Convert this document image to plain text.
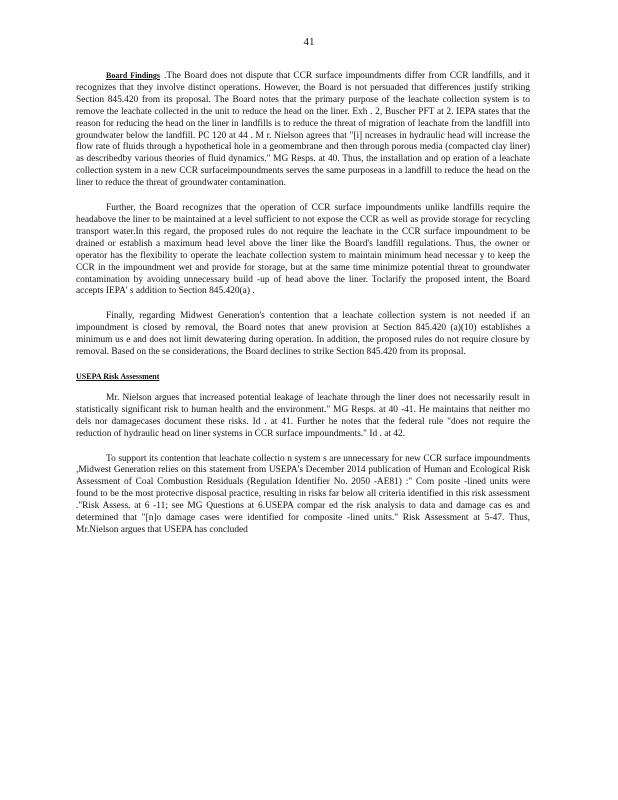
41

Board Findings .The Board does not dispute that CCR surface impoundments differ from CCR landfills, and it recognizes that they involve distinct operations. However, the Board is not persuaded that differences justify striking Section 845.420 from its proposal. The Board notes that the primary purpose of the leachate collection system is to remove the leachate collected in the unit to reduce the head on the liner. Exh . 2, Buscher PFT at 2. IEPA states that the reason for reducing the head on the liner in landfills is to reduce the threat of migration of leachate from the landfill into groundwater below the landfill. PC 120 at 44 . M r. Nielson agrees that "[i] ncreases in hydraulic head will increase the flow rate of fluids through a hypothetical hole in a geomembrane and then through porous media (compacted clay liner) as describedby various theories of fluid dynamics." MG Resps. at 40. Thus, the installation and op eration of a leachate collection system in a new CCR surfaceimpoundments serves the same purposeas in a landfill to reduce the head on the liner to reduce the threat of groundwater contamination.

Further, the Board recognizes that the operation of CCR surface impoundments unlike landfills require the headabove the liner to be maintained at a level sufficient to not expose the CCR as well as provide storage for recycling transport water.In this regard, the proposed rules do not require the leachate in the CCR surface impoundment to be drained or establish a maximum head level above the liner like the Board's landfill regulations. Thus, the owner or operator has the flexibility to operate the leachate collection system to maintain minimum head necessar y to keep the CCR in the impoundment wet and provide for storage, but at the same time minimize potential threat to groundwater contamination by avoiding unnecessary build -up of head above the liner. Toclarify the proposed intent, the Board accepts IEPA' s addition to Section 845.420(a) .

Finally, regarding Midwest Generation's contention that a leachate collection system is not needed if an impoundment is closed by removal, the Board notes that anew provision at Section 845.420 (a)(10) establishes a minimum us e and does not limit dewatering during operation. In addition, the proposed rules do not require closure by removal. Based on the se considerations, the Board declines to strike Section 845.420 from its proposal.

USEPA Risk Assessment

Mr. Nielson argues that increased potential leakage of leachate through the liner does not necessarily result in statistically significant risk to human health and the environment." MG Resps. at 40 -41. He maintains that neither mo dels nor damagecases document these risks. Id . at 41. Further he notes that the federal rule "does not require the reduction of hydraulic head on liner systems in CCR surface impoundments." Id . at 42.

To support its contention that leachate collectio n system s are unnecessary for new CCR surface impoundments ,Midwest Generation relies on this statement from USEPA's December 2014 publication of Human and Ecological Risk Assessment of Coal Combustion Residuals (Regulation Identifier No. 2050 -AE81) :" Com posite -lined units were found to be the most protective disposal practice, resulting in risks far below all criteria identified in this risk assessment ."Risk Assess. at 6 -11; see MG Questions at 6.USEPA compar ed the risk analysis to data and damage cas es and determined that "[n]o damage cases were identified for composite -lined units." Risk Assessment at 5-47. Thus, Mr.Nielson argues that USEPA has concluded
